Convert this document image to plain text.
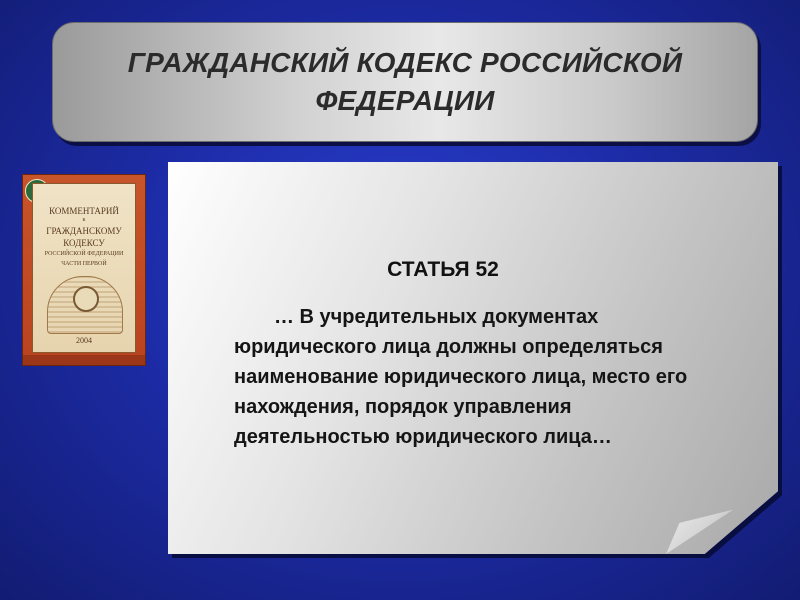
ГРАЖДАНСКИЙ КОДЕКС РОССИЙСКОЙ ФЕДЕРАЦИИ
КОММЕНТАРИЙ
к
ГРАЖДАНСКОМУ
КОДЕКСУ
РОССИЙСКОЙ ФЕДЕРАЦИИ
ЧАСТИ ПЕРВОЙ
2004
СТАТЬЯ 52
… В учредительных документах
юридического лица должны определяться
наименование юридического лица, место его
нахождения, порядок управления
деятельностью юридического лица…
